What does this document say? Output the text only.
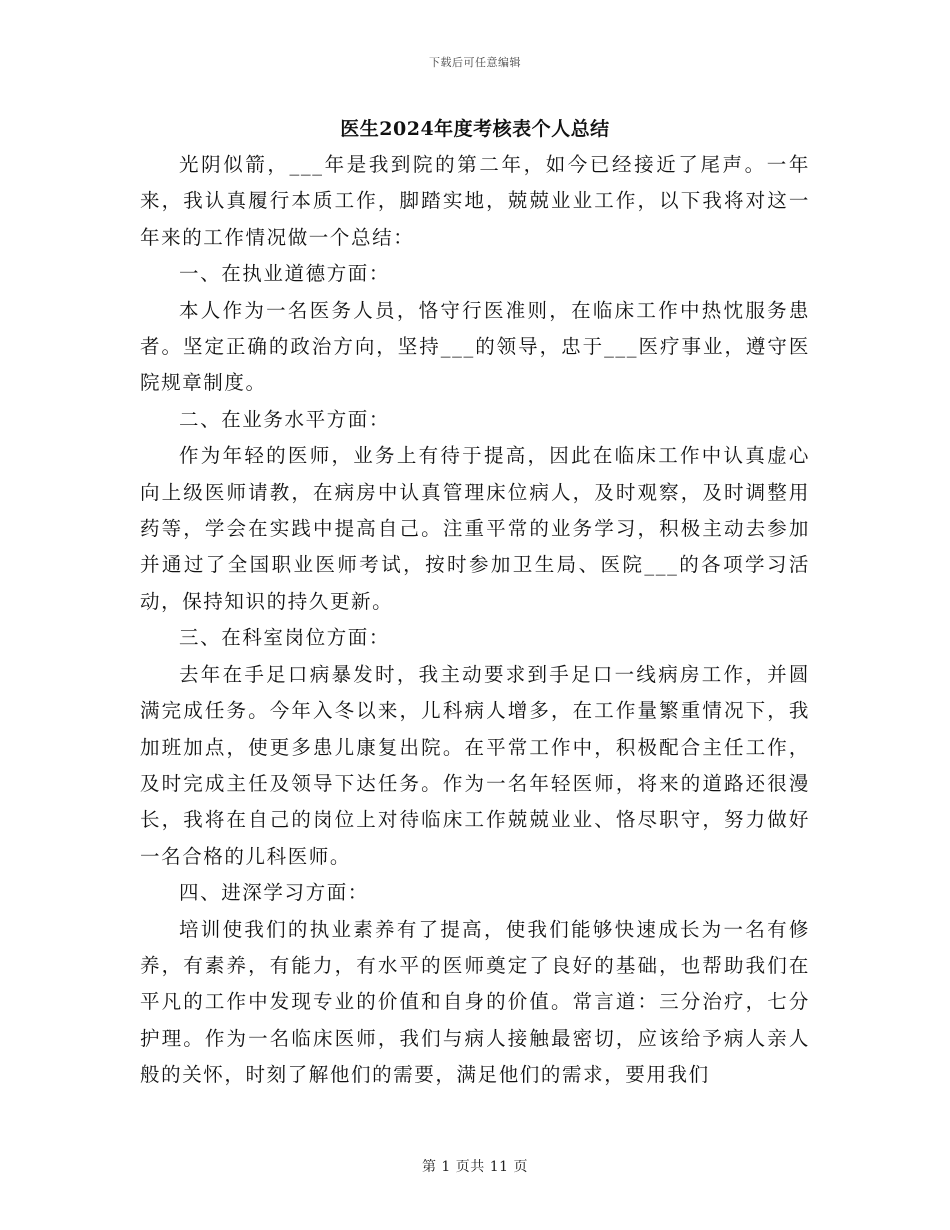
下载后可任意编辑
医生2024年度考核表个人总结

光阴似箭，___年是我到院的第二年，如今已经接近了尾声。一年来，我认真履行本质工作，脚踏实地，兢兢业业工作，以下我将对这一年来的工作情况做一个总结：

一、在执业道德方面：

本人作为一名医务人员，恪守行医准则，在临床工作中热忱服务患者。坚定正确的政治方向，坚持___的领导，忠于___医疗事业，遵守医院规章制度。

二、在业务水平方面：

作为年轻的医师，业务上有待于提高，因此在临床工作中认真虚心向上级医师请教，在病房中认真管理床位病人，及时观察，及时调整用药等，学会在实践中提高自己。注重平常的业务学习，积极主动去参加并通过了全国职业医师考试，按时参加卫生局、医院___的各项学习活动，保持知识的持久更新。

三、在科室岗位方面：

去年在手足口病暴发时，我主动要求到手足口一线病房工作，并圆满完成任务。今年入冬以来，儿科病人增多，在工作量繁重情况下，我加班加点，使更多患儿康复出院。在平常工作中，积极配合主任工作，及时完成主任及领导下达任务。作为一名年轻医师，将来的道路还很漫长，我将在自己的岗位上对待临床工作兢兢业业、恪尽职守，努力做好一名合格的儿科医师。

四、进深学习方面：

培训使我们的执业素养有了提高，使我们能够快速成长为一名有修养，有素养，有能力，有水平的医师奠定了良好的基础，也帮助我们在平凡的工作中发现专业的价值和自身的价值。常言道：三分治疗，七分护理。作为一名临床医师，我们与病人接触最密切，应该给予病人亲人般的关怀，时刻了解他们的需要，满足他们的需求，要用我们

第 1 页共 11 页
